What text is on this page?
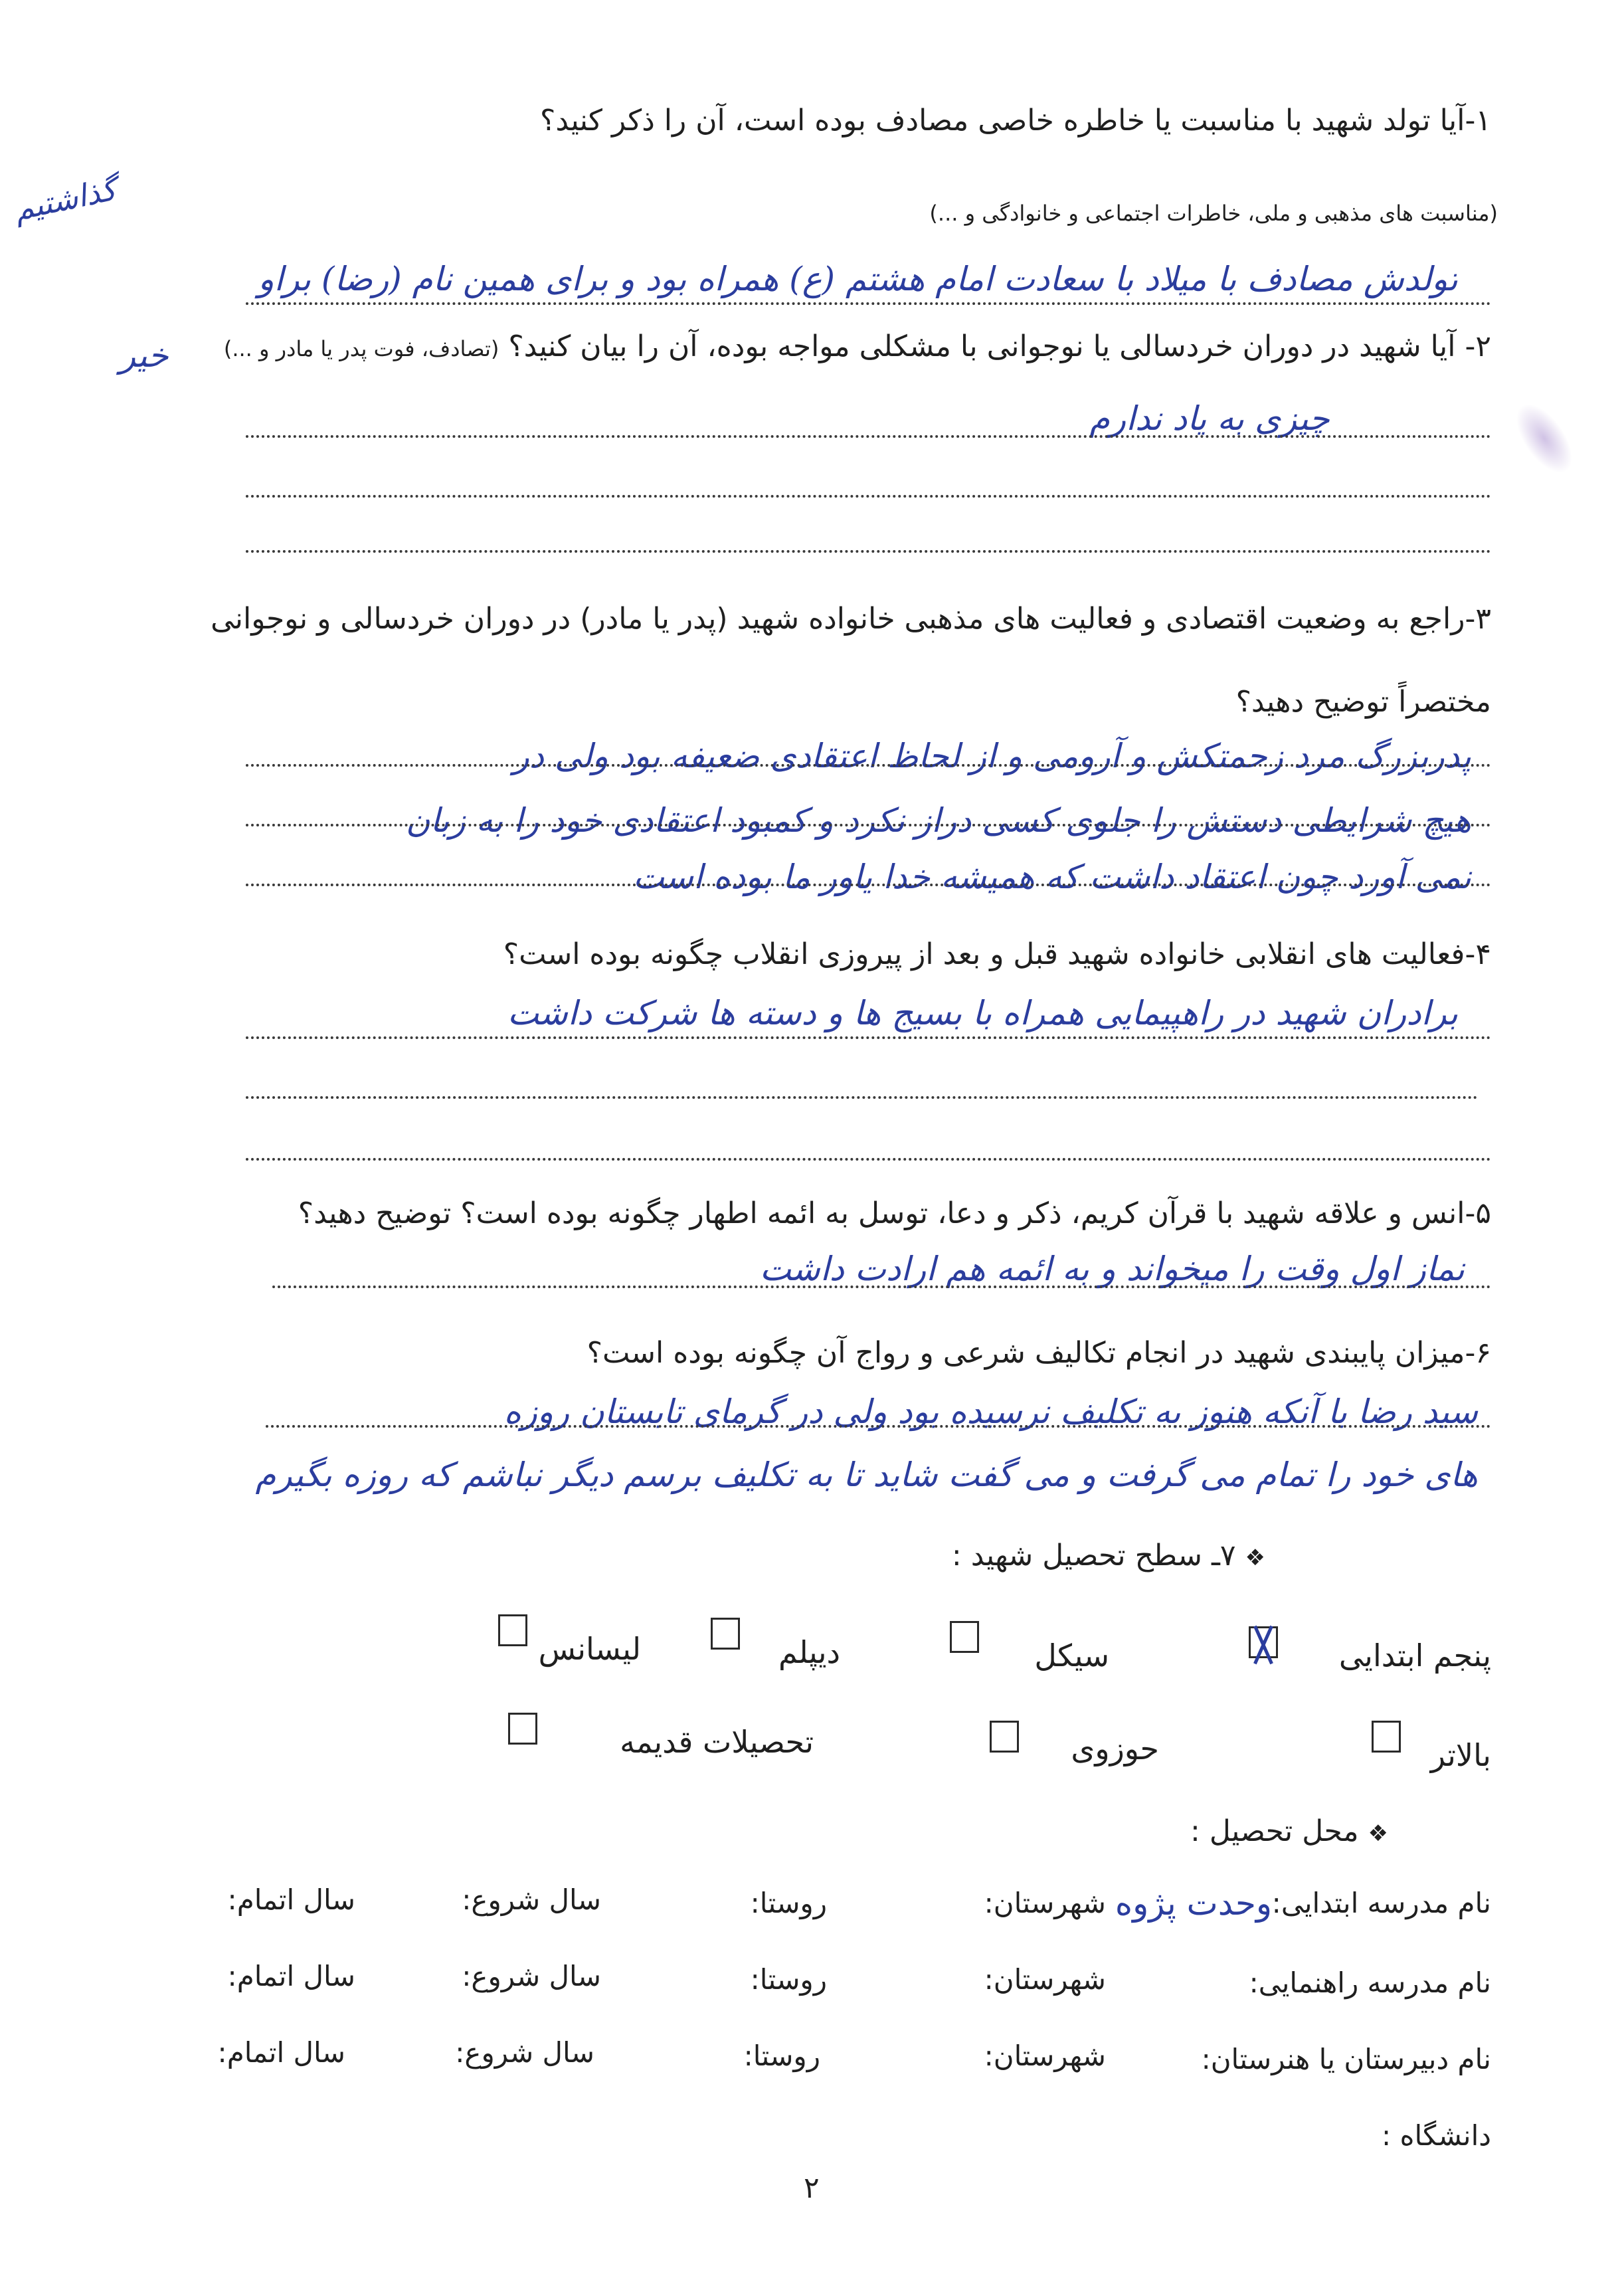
۱-آیا تولد شهید با مناسبت یا خاطره خاصی مصادف بوده است، آن را ذکر کنید؟
(مناسبت های مذهبی و ملی، خاطرات اجتماعی و خانوادگی و ...)
تولدش مصادف با میلاد با سعادت امام هشتم (ع) همراه بود و برای همین نام (رضا) براو
گذاشتیم
۲- آیا شهید در دوران خردسالی یا نوجوانی با مشکلی مواجه بوده، آن را بیان کنید؟ (تصادف، فوت پدر یا مادر و ...)
خیر
چیزی به یاد ندارم
۳-راجع به وضعیت اقتصادی و فعالیت های مذهبی خانواده شهید (پدر یا مادر) در دوران خردسالی و نوجوانی
مختصراً توضیح دهید؟
پدربزرگ مرد زحمتکش و آرومی و از لحاظ اعتقادی ضعیفه بود ولی در
هیچ شرایطی دستش را جلوی کسی دراز نکرد و کمبود اعتقادی خود را به زبان
نمی آورد چون اعتقاد داشت که همیشه خدا یاور ما بوده است
۴-فعالیت های انقلابی خانواده شهید قبل و بعد از پیروزی انقلاب چگونه بوده است؟
برادران شهید در راهپیمایی همراه با بسیج ها و دسته ها شرکت داشت
۵-انس و علاقه شهید با قرآن کریم، ذکر و دعا، توسل به ائمه اطهار چگونه بوده است؟ توضیح دهید؟
نماز اول وقت را میخواند و به ائمه هم ارادت داشت
۶-میزان پایبندی شهید در انجام تکالیف شرعی و رواج آن چگونه بوده است؟
سید رضا با آنکه هنوز به تکلیف نرسیده بود ولی در گرمای تابستان روزه
های خود را تمام می گرفت و می گفت شاید تا به تکلیف برسم دیگر نباشم که روزه بگیرم
❖۷ـ سطح تحصیل شهید :
پنجم ابتدایی
سیکل
دیپلم
لیسانس
بالاتر
حوزوی
تحصیلات قدیمه
❖محل تحصیل :
نام مدرسه ابتدایی:
وحدت پژوه
شهرستان:
روستا:
سال شروع:
سال اتمام:
نام مدرسه راهنمایی:
شهرستان:
روستا:
سال شروع:
سال اتمام:
نام دبیرستان یا هنرستان:
شهرستان:
روستا:
سال شروع:
سال اتمام:
دانشگاه :
۲
